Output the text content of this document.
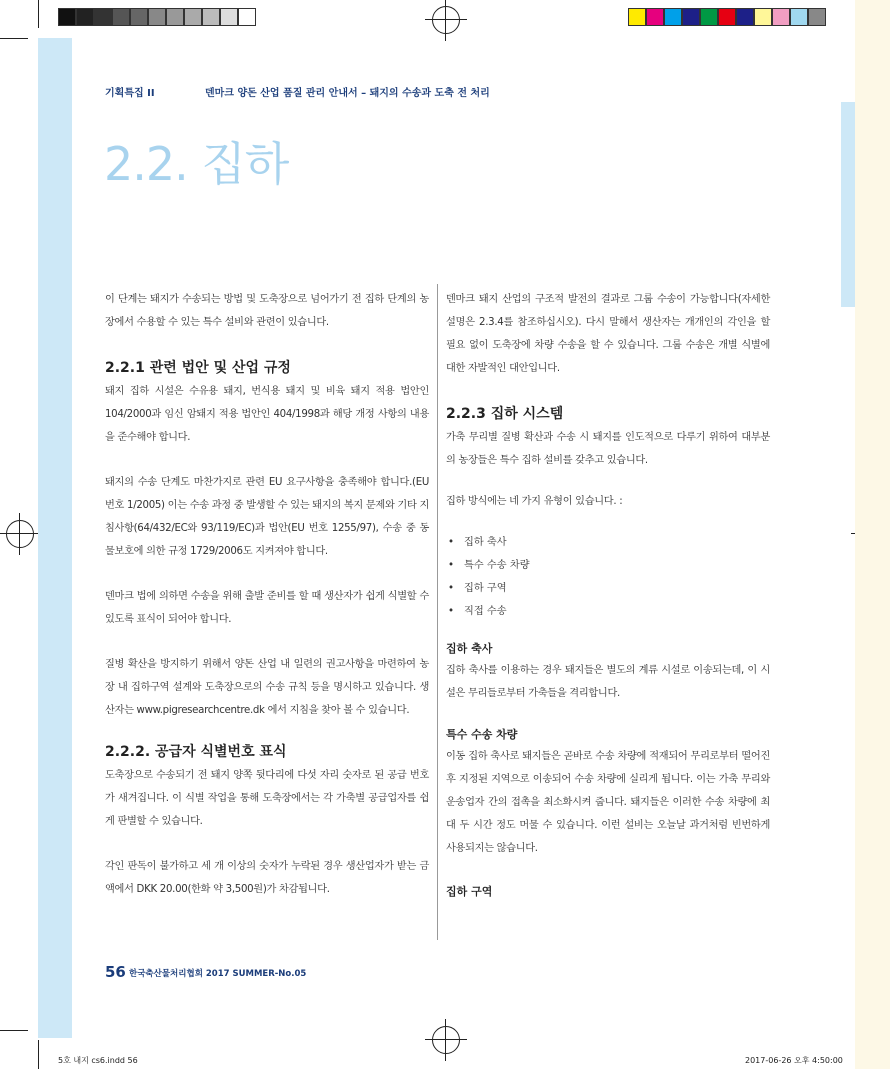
기획특집 II	덴마크 양돈 산업 품질 관리 안내서 – 돼지의 수송과 도축 전 처리
2.2. 집하

이 단계는 돼지가 수송되는 방법 및 도축장으로 넘어가기 전 집하 단계의 농장에서 수용할 수 있는 특수 설비와 관련이 있습니다.

2.2.1 관련 법안 및 산업 규정

돼지 집하 시설은 수유용 돼지, 번식용 돼지 및 비육 돼지 적용 법안인 104/2000과 임신 암돼지 적용 법안인 404/1998과 해당 개정 사항의 내용을 준수해야 합니다.

돼지의 수송 단계도 마찬가지로 관련 EU 요구사항을 충족해야 합니다.(EU 번호 1/2005) 이는 수송 과정 중 발생할 수 있는 돼지의 복지 문제와 기타 지침사항(64/432/EC와 93/119/EC)과 법안(EU 번호 1255/97), 수송 중 동물보호에 의한 규정 1729/2006도 지켜져야 합니다.

덴마크 법에 의하면 수송을 위해 출발 준비를 할 때 생산자가 쉽게 식별할 수 있도록 표식이 되어야 합니다.

질병 확산을 방지하기 위해서 양돈 산업 내 일련의 권고사항을 마련하여 농장 내 집하구역 설계와 도축장으로의 수송 규칙 등을 명시하고 있습니다. 생산자는 www.pigresearchcentre.dk 에서 지침을 찾아 볼 수 있습니다.

2.2.2. 공급자 식별번호 표식

도축장으로 수송되기 전 돼지 양쪽 뒷다리에 다섯 자리 숫자로 된 공급 번호가 새겨집니다. 이 식별 작업을 통해 도축장에서는 각 가축별 공급업자를 쉽게 판별할 수 있습니다.

각인 판독이 불가하고 세 개 이상의 숫자가 누락된 경우 생산업자가 받는 금액에서 DKK 20.00(한화 약 3,500원)가 차감됩니다.

덴마크 돼지 산업의 구조적 발전의 결과로 그룹 수송이 가능합니다(자세한 설명은 2.3.4를 참조하십시오). 다시 말해서 생산자는 개개인의 각인을 할 필요 없이 도축장에 차량 수송을 할 수 있습니다. 그룹 수송은 개별 식별에 대한 자발적인 대안입니다.

2.2.3 집하 시스템

가축 무리별 질병 확산과 수송 시 돼지를 인도적으로 다루기 위하여 대부분의 농장들은 특수 집하 설비를 갖추고 있습니다.

집하 방식에는 네 가지 유형이 있습니다. :

• 집하 축사
• 특수 수송 차량
• 집하 구역
• 직접 수송
집하 축사

집하 축사를 이용하는 경우 돼지들은 별도의 계류 시설로 이송되는데, 이 시설은 무리들로부터 가축들을 격리합니다.

특수 수송 차량

이동 집하 축사로 돼지들은 곧바로 수송 차량에 적재되어 무리로부터 떨어진 후 지정된 지역으로 이송되어 수송 차량에 실리게 됩니다. 이는 가축 무리와 운송업자 간의 접촉을 최소화시켜 줍니다. 돼지들은 이러한 수송 차량에 최대 두 시간 정도 머물 수 있습니다. 이런 설비는 오늘날 과거처럼 빈번하게 사용되지는 않습니다.

집하 구역
56 한국축산물처리협회 2017 SUMMER-No.05
5호 내지 cs6.indd 56	2017-06-26 오후 4:50:00
